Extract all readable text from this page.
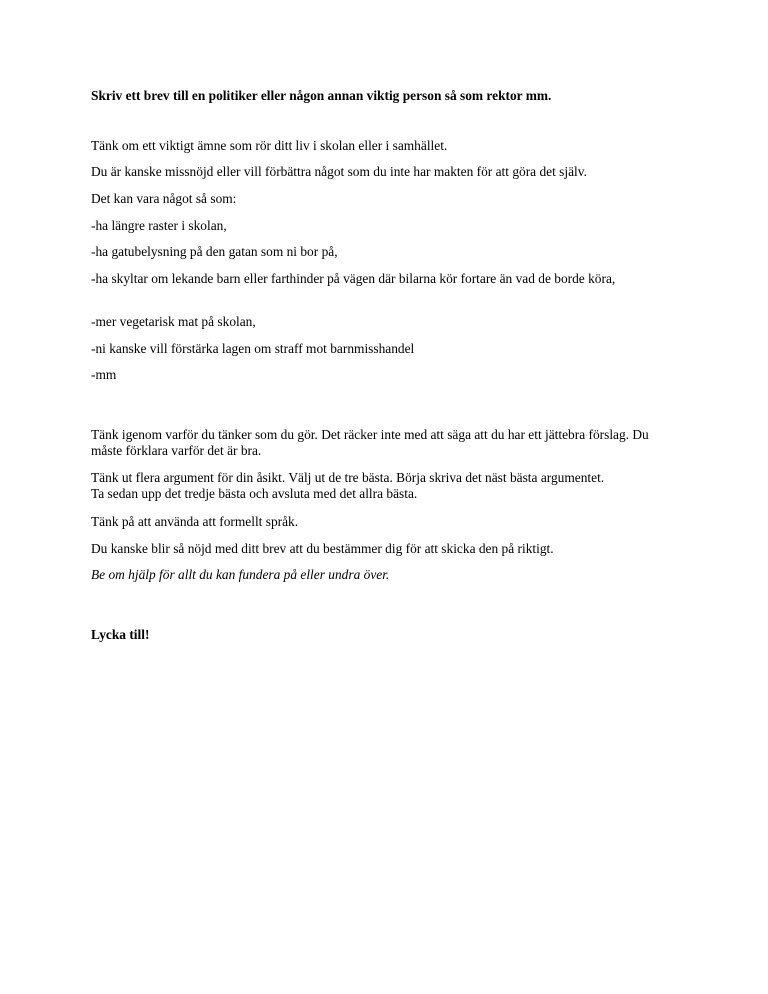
Skriv ett brev till en politiker eller någon annan viktig person så som rektor mm.
Tänk om ett viktigt ämne som rör ditt liv i skolan eller i samhället.
Du är kanske missnöjd eller vill förbättra något som du inte har makten för att göra det själv.
Det kan vara något så som:
-ha längre raster i skolan,
-ha gatubelysning på den gatan som ni bor på,
-ha skyltar om lekande barn eller farthinder på vägen där bilarna kör fortare än vad de borde köra,
-mer vegetarisk mat på skolan,
-ni kanske vill förstärka lagen om straff mot barnmisshandel
-mm
Tänk igenom varför du tänker som du gör. Det räcker inte med att säga att du har ett jättebra förslag. Du måste förklara varför det är bra.
Tänk ut flera argument för din åsikt. Välj ut de tre bästa. Börja skriva det näst bästa argumentet. Ta sedan upp det tredje bästa och avsluta med det allra bästa.
Tänk på att använda att formellt språk.
Du kanske blir så nöjd med ditt brev att du bestämmer dig för att skicka den på riktigt.
Be om hjälp för allt du kan fundera på eller undra över.
Lycka till!
